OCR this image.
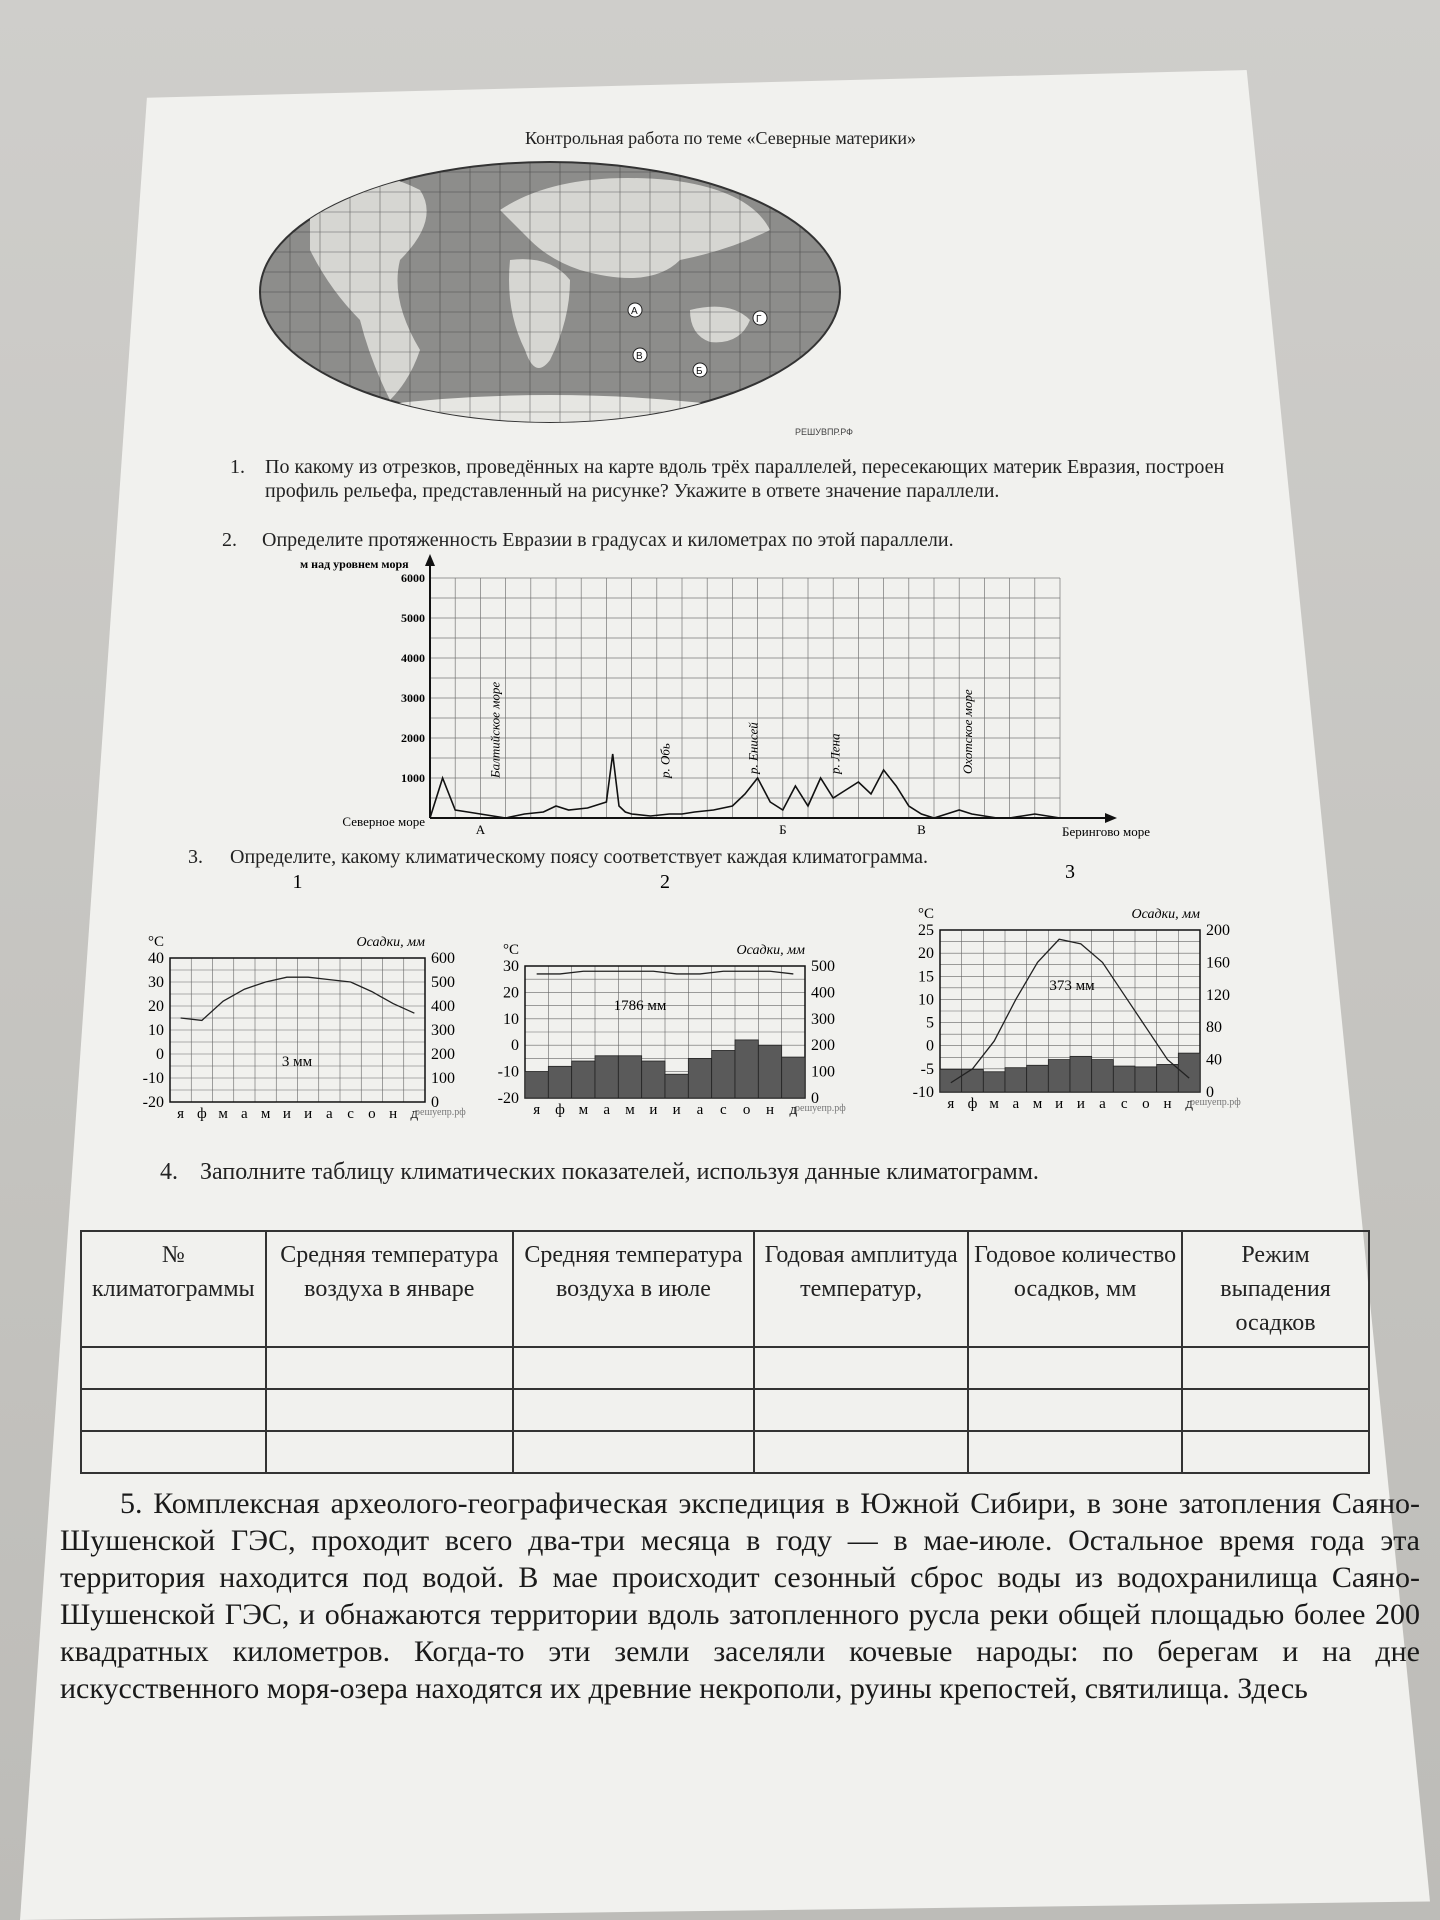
Контрольная работа по теме «Северные материки»
А
Б
В
Г
РЕШУВПР.РФ
1. По какому из отрезков, проведённых на карте вдоль трёх параллелей, пересекающих материк Евразия, построен профиль рельефа, представленный на рисунке? Укажите в ответе значение параллели.
2. Определите протяженность Евразии в градусах и километрах по этой параллели.
м над уровнем моря
1000
2000
3000
4000
5000
6000
Северное море
Берингово море
А	Б	В
Балтийское море	р. Обь	р. Енисей	р. Лена	Охотское море
3. Определите, какому климатическому поясу соответствует каждая климатограмма.
°С	Осадки, мм
40
30
20
10
0
-10
-20
600
500
400
300
200
100
0
я ф м а м и и а с о н д
3 мм
решуепр.рф
1
°С	Осадки, мм
30
20
10
0
-10
-20
500
400
300
200
100
0
я ф м а м и и а с о н д
1786 мм
решуепр.рф
2
°С	Осадки, мм
25
20
15
10
5
0
-5
-10
200
160
120
80
40
0
я ф м а м и и а с о н д
373 мм
решуепр.рф
3
4. Заполните таблицу климатических показателей, используя данные климатограмм.
№ климатограммы	Средняя температура воздуха в январе	Средняя температура воздуха в июле	Годовая амплитуда температур,	Годовое количество осадков, мм	Режим выпадения осадков

5. Комплексная археолого-географическая экспедиция в Южной Сибири, в зоне затопления Саяно-Шушенской ГЭС, проходит всего два-три месяца в году — в мае-июле. Остальное время года эта территория находится под водой. В мае происходит сезонный сброс воды из водохранилища Саяно-Шушенской ГЭС, и обнажаются территории вдоль затопленного русла реки общей площадью более 200 квадратных километров. Когда-то эти земли заселяли кочевые народы: по берегам и на дне искусственного моря-озера находятся их древние некрополи, руины крепостей, святилища. Здесь
